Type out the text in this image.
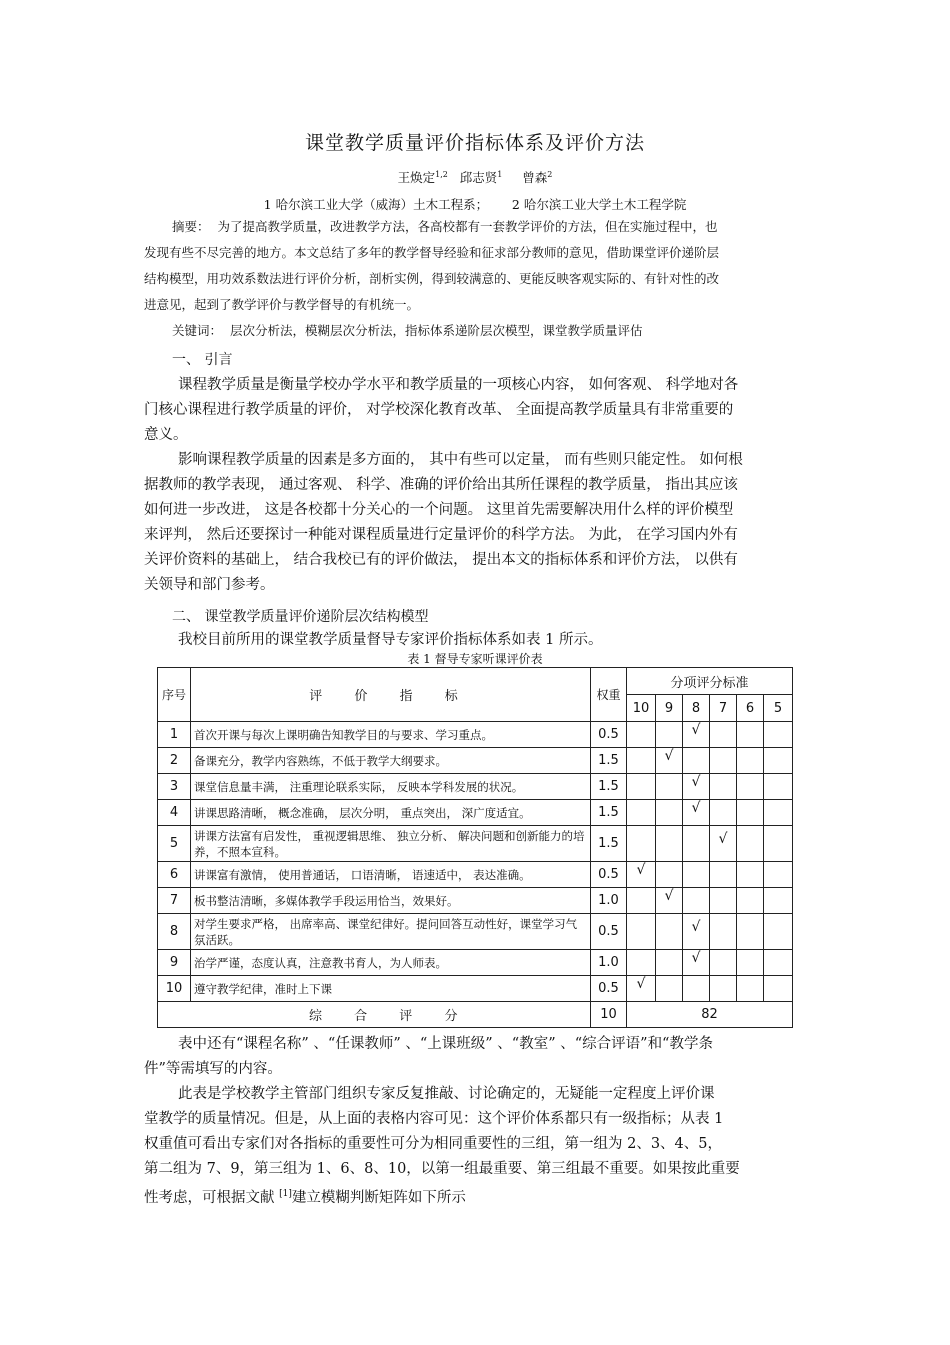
课堂教学质量评价指标体系及评价方法
王焕定$^{1,2}$ 邱志贤$^1$ 曾森$^2$
1 哈尔滨工业大学（威海）土木工程系； 2 哈尔滨工业大学土木工程学院

摘要： 为了提高教学质量，改进教学方法，各高校都有一套教学评价的方法，但在实施过程中，也

发现有些不尽完善的地方。本文总结了多年的教学督导经验和征求部分教师的意见，借助课堂评价递阶层

结构模型，用功效系数法进行评价分析，剖析实例，得到较满意的、更能反映客观实际的、有针对性的改

进意见，起到了教学评价与教学督导的有机统一。

关键词： 层次分析法，模糊层次分析法，指标体系递阶层次模型，课堂教学质量评估

一、 引言

课程教学质量是衡量学校办学水平和教学质量的一项核心内容， 如何客观、 科学地对各

门核心课程进行教学质量的评价， 对学校深化教育改革、 全面提高教学质量具有非常重要的

意义。

影响课程教学质量的因素是多方面的， 其中有些可以定量， 而有些则只能定性。 如何根

据教师的教学表现， 通过客观、 科学、准确的评价给出其所任课程的教学质量， 指出其应该

如何进一步改进， 这是各校都十分关心的一个问题。 这里首先需要解决用什么样的评价模型

来评判， 然后还要探讨一种能对课程质量进行定量评价的科学方法。 为此， 在学习国内外有

关评价资料的基础上， 结合我校已有的评价做法， 提出本文的指标体系和评价方法， 以供有

关领导和部门参考。

二、 课堂教学质量评价递阶层次结构模型

我校目前所用的课堂教学质量督导专家评价指标体系如表 1 所示。

表 1 督导专家听课评价表
序号	评 价 指 标	权重	分项评分标准					
			10	9	8	7	6	5
1	首次开课与每次上课明确告知教学目的与要求、学习重点。	0.5			√			
2	备课充分，教学内容熟练，不低于教学大纲要求。	1.5		√				
3	课堂信息量丰满， 注重理论联系实际， 反映本学科发展的状况。	1.5			√			
4	讲课思路清晰， 概念准确， 层次分明， 重点突出， 深广度适宜。	1.5			√			
5	讲课方法富有启发性， 重视逻辑思维、 独立分析、 解决问题和创新能力的培养，不照本宣科。	1.5				√		
6	讲课富有激情， 使用普通话， 口语清晰， 语速适中， 表达准确。	0.5	√					
7	板书整洁清晰，多媒体教学手段运用恰当，效果好。	1.0		√				
8	对学生要求严格， 出席率高、课堂纪律好。提问回答互动性好，课堂学习气氛活跃。	0.5			√			
9	治学严谨，态度认真，注意教书育人，为人师表。	1.0			√			
10	遵守教学纪律，准时上下课	0.5	√					
	综 合 评 分	10	82					

表中还有“课程名称” 、“任课教师” 、“上课班级” 、“教室” 、“综合评语”和“教学条

件”等需填写的内容。

此表是学校教学主管部门组织专家反复推敲、讨论确定的，无疑能一定程度上评价课

堂教学的质量情况。但是，从上面的表格内容可见：这个评价体系都只有一级指标；从表 1

权重值可看出专家们对各指标的重要性可分为相同重要性的三组，第一组为 2、3、4、5，

第二组为 7、9，第三组为 1、6、8、10，以第一组最重要、第三组最不重要。如果按此重要

性考虑，可根据文献 [1]建立模糊判断矩阵如下所示
